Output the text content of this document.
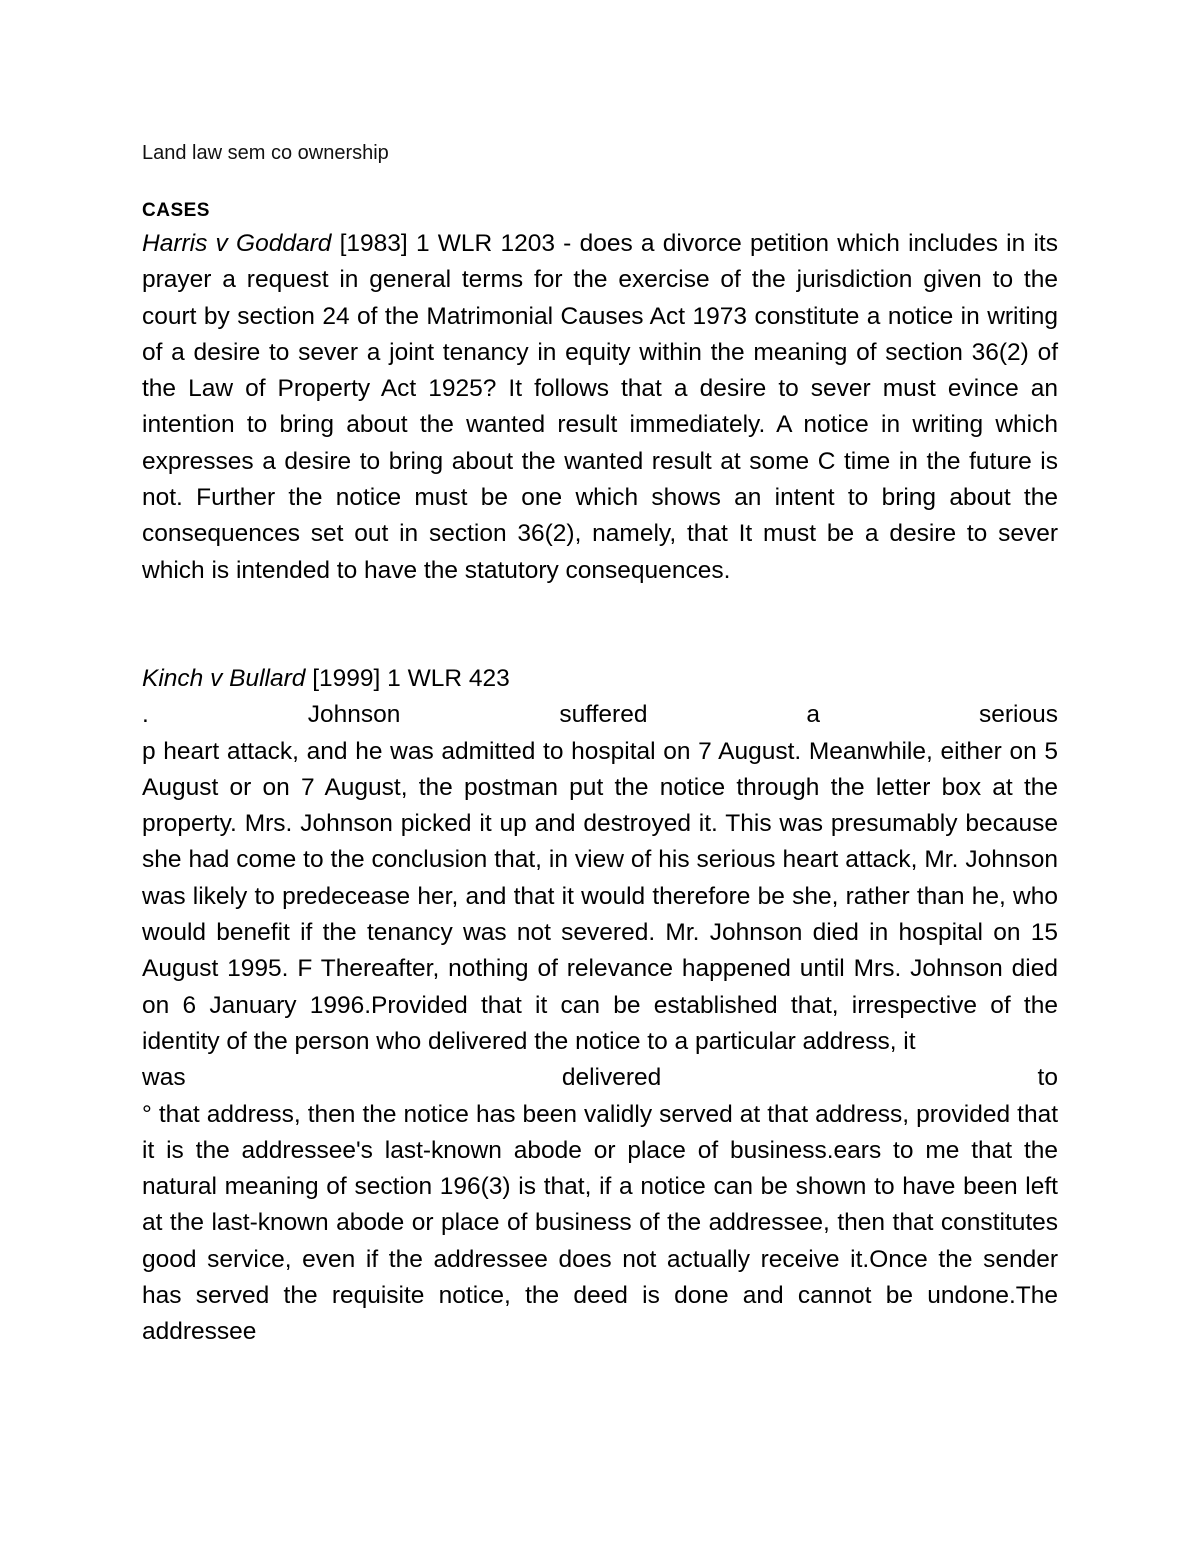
Land law sem co ownership

CASES

Harris v Goddard [1983] 1 WLR 1203 - does a divorce petition which includes in its prayer a request in general terms for the exercise of the jurisdiction given to the court by section 24 of the Matrimonial Causes Act 1973 constitute a notice in writing of a desire to sever a joint tenancy in equity within the meaning of section 36(2) of the Law of Property Act 1925? It follows that a desire to sever must evince an intention to bring about the wanted result immediately. A notice in writing which expresses a desire to bring about the wanted result at some C time in the future is not. Further the notice must be one which shows an intent to bring about the consequences set out in section 36(2), namely, that It must be a desire to sever which is intended to have the statutory consequences.

Kinch v Bullard [1999] 1 WLR 423

.	Johnson	suffered	a	serious

p heart attack, and he was admitted to hospital on 7 August. Meanwhile, either on 5 August or on 7 August, the postman put the notice through the letter box at the property. Mrs. Johnson picked it up and destroyed it. This was presumably because she had come to the conclusion that, in view of his serious heart attack, Mr. Johnson was likely to predecease her, and that it would therefore be she, rather than he, who would benefit if the tenancy was not severed. Mr. Johnson died in hospital on 15 August 1995. F Thereafter, nothing of relevance happened until Mrs. Johnson died on 6 January 1996.Provided that it can be established that, irrespective of the identity of the person who delivered the notice to a particular address, it

was	delivered	to

° that address, then the notice has been validly served at that address, provided that it is the addressee's last-known abode or place of business.ears to me that the natural meaning of section 196(3) is that, if a notice can be shown to have been left at the last-known abode or place of business of the addressee, then that constitutes good service, even if the addressee does not actually receive it.Once the sender has served the requisite notice, the deed is done and cannot be undone.The addressee
